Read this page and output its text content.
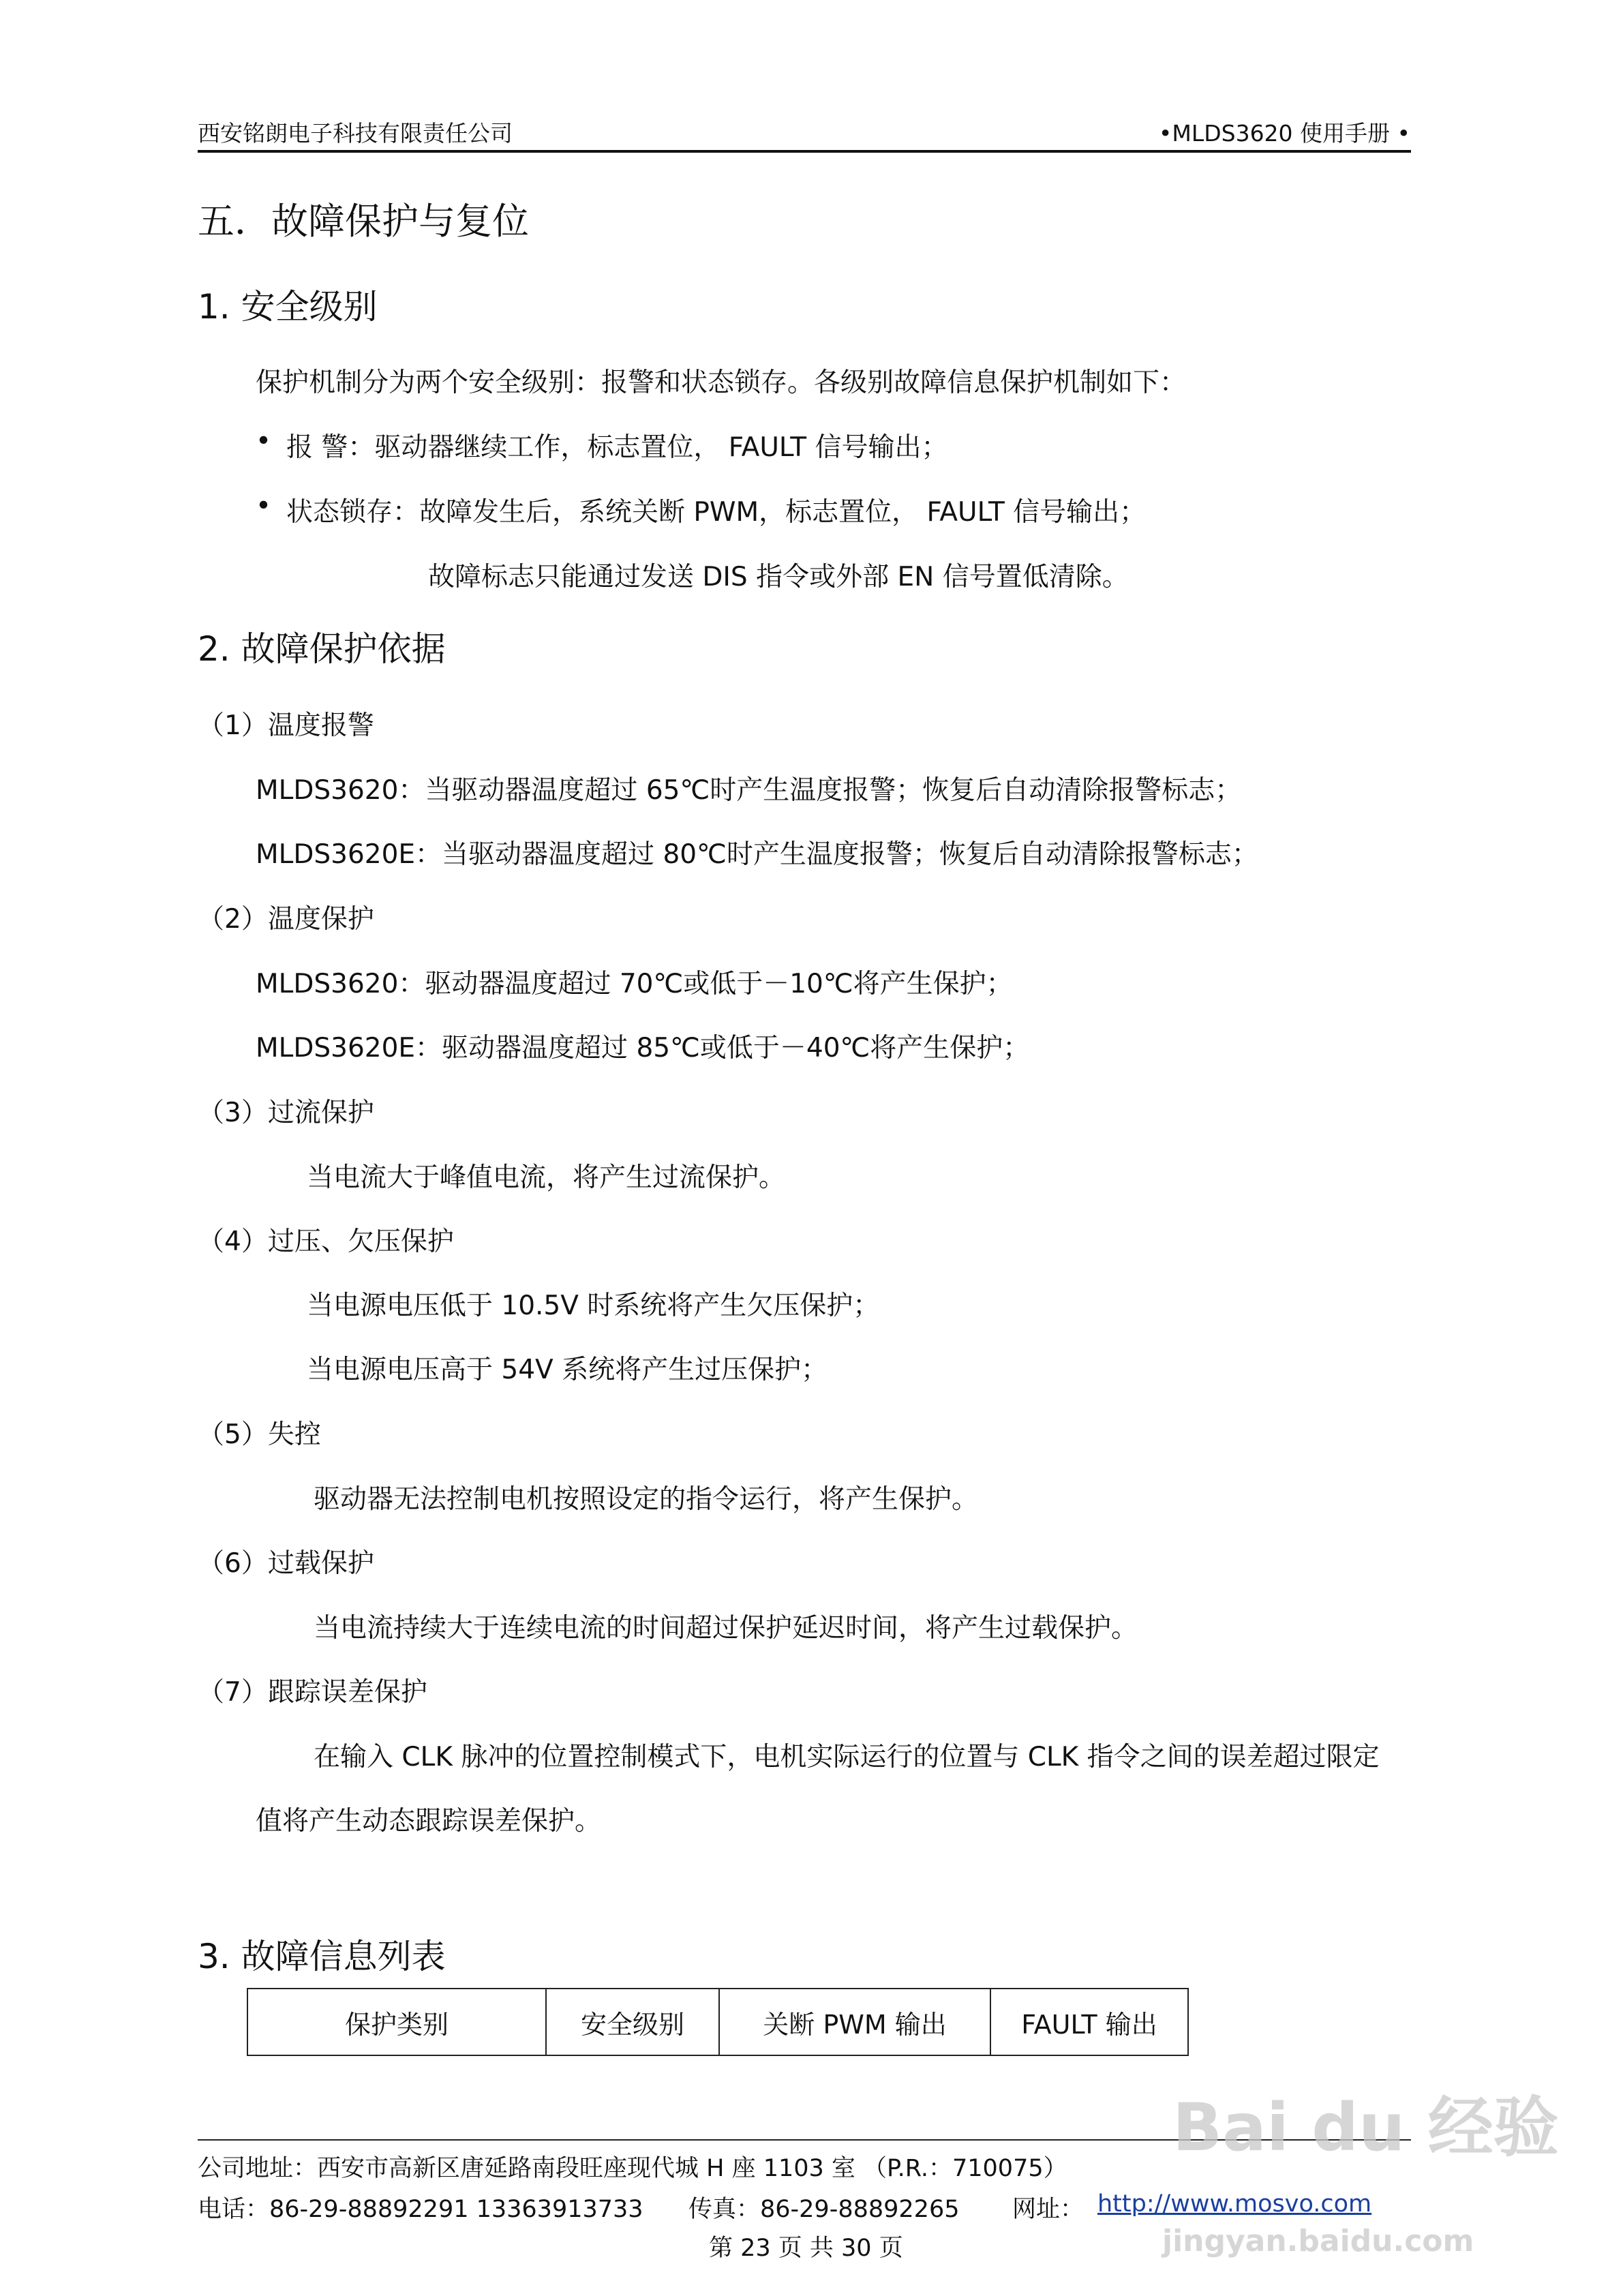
西安铭朗电子科技有限责任公司	•MLDS3620 使用手册 •
五．故障保护与复位
1. 安全级别
保护机制分为两个安全级别：报警和状态锁存。各级别故障信息保护机制如下：
• 报 警：驱动器继续工作，标志置位， FAULT 信号输出；
• 状态锁存：故障发生后，系统关断 PWM，标志置位， FAULT 信号输出；
故障标志只能通过发送 DIS 指令或外部 EN 信号置低清除。
2. 故障保护依据
（1）温度报警
MLDS3620：当驱动器温度超过 65℃时产生温度报警；恢复后自动清除报警标志；
MLDS3620E：当驱动器温度超过 80℃时产生温度报警；恢复后自动清除报警标志；
（2）温度保护
MLDS3620：驱动器温度超过 70℃或低于－10℃将产生保护；
MLDS3620E：驱动器温度超过 85℃或低于－40℃将产生保护；
（3）过流保护
当电流大于峰值电流，将产生过流保护。
（4）过压、欠压保护
当电源电压低于 10.5V 时系统将产生欠压保护；
当电源电压高于 54V 系统将产生过压保护；
（5）失控
驱动器无法控制电机按照设定的指令运行，将产生保护。
（6）过载保护
当电流持续大于连续电流的时间超过保护延迟时间，将产生过载保护。
（7）跟踪误差保护
在输入 CLK 脉冲的位置控制模式下，电机实际运行的位置与 CLK 指令之间的误差超过限定
值将产生动态跟踪误差保护。
3. 故障信息列表
保护类别	安全级别	关断 PWM 输出	FAULT 输出
公司地址：西安市高新区唐延路南段旺座现代城 H 座 1103 室 （P.R.：710075）
电话：86-29-88892291 13363913733 传真：86-29-88892265 网址： http://www.mosvo.com
第 23 页 共 30 页
Bai du 经验
jingyan.baidu.com
